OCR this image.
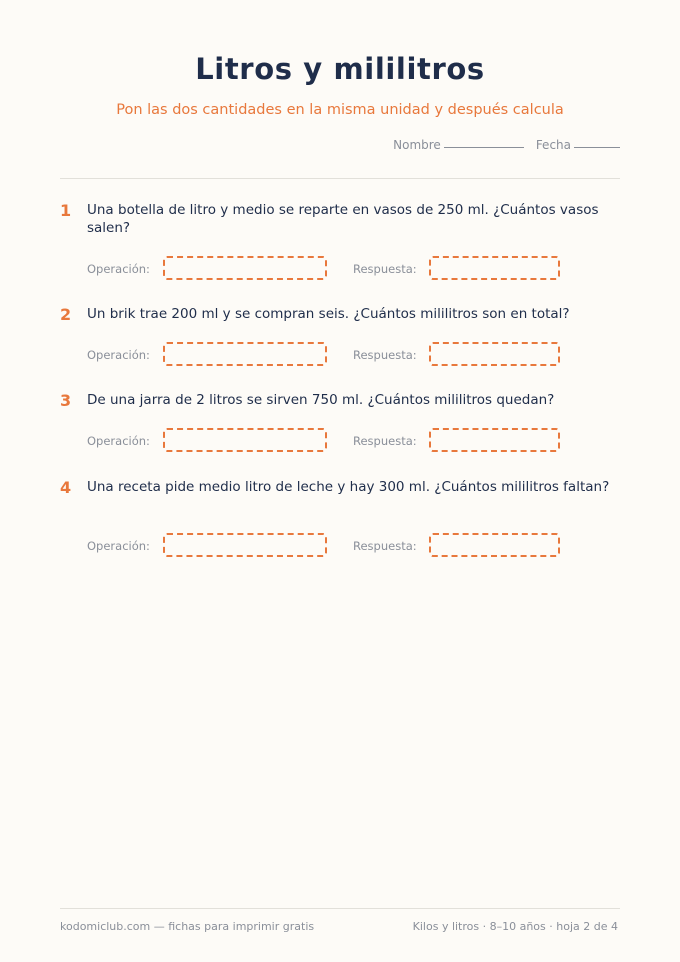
Litros y mililitros
Pon las dos cantidades en la misma unidad y después calcula
Nombre	Fecha
1 Una botella de litro y medio se reparte en vasos de 250 ml. ¿Cuántos vasos salen?
Operación:	Respuesta:
2 Un brik trae 200 ml y se compran seis. ¿Cuántos mililitros son en total?
Operación:	Respuesta:
3 De una jarra de 2 litros se sirven 750 ml. ¿Cuántos mililitros quedan?
Operación:	Respuesta:
4 Una receta pide medio litro de leche y hay 300 ml. ¿Cuántos mililitros faltan?
Operación:	Respuesta:
kodomiclub.com — fichas para imprimir gratis	Kilos y litros · 8–10 años · hoja 2 de 4
